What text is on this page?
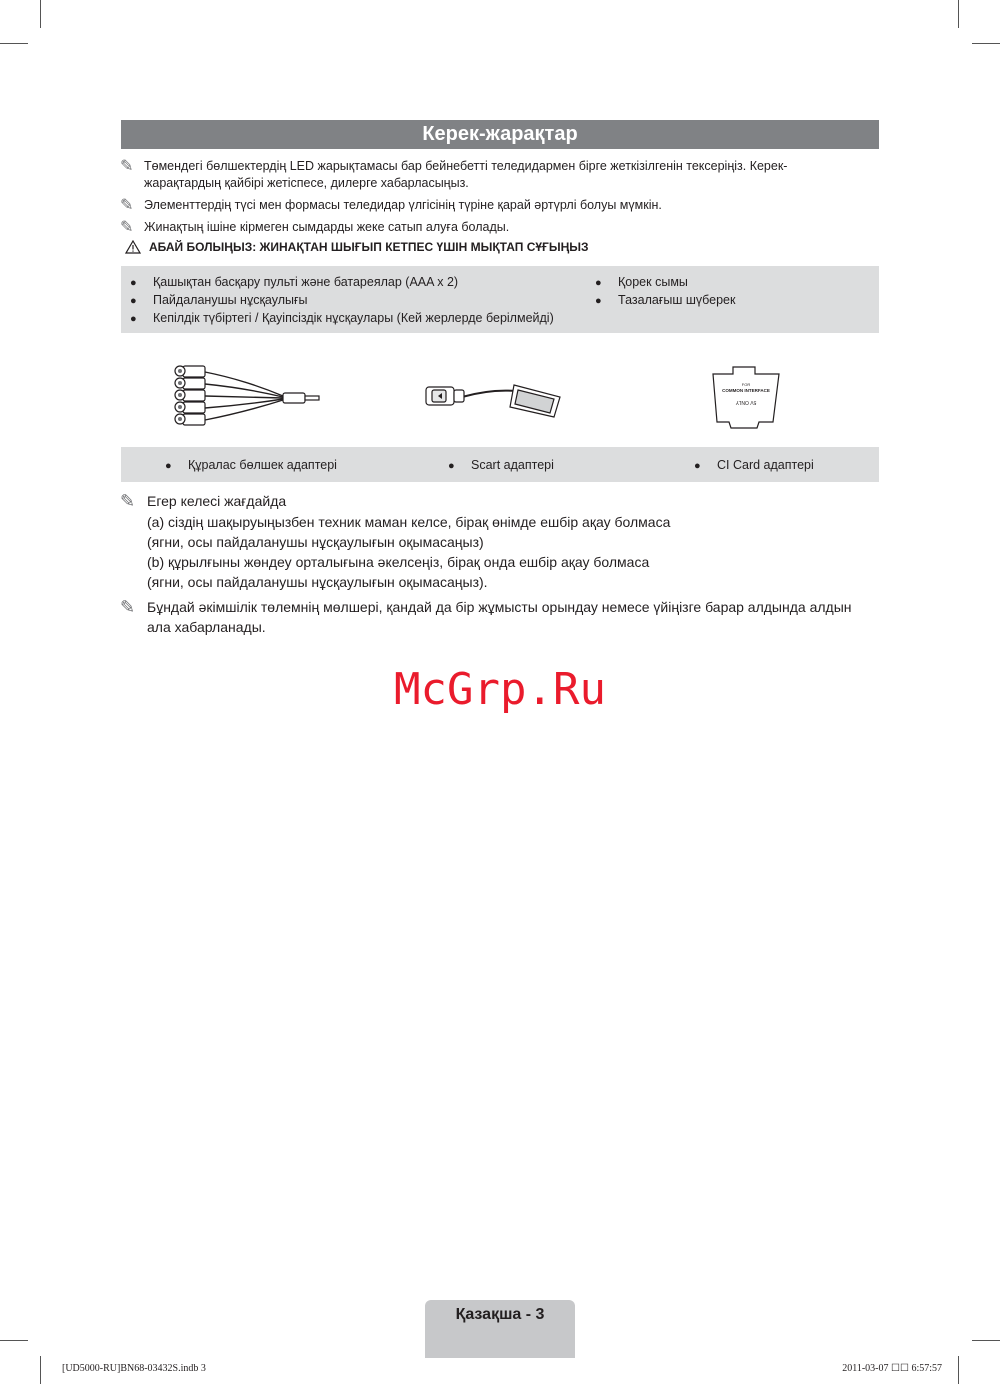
Керек-жарақтар
✎ Төмендегі бөлшектердің LED жарықтамасы бар бейнебетті теледидармен бірге жеткізілгенін тексеріңіз. Керек-
жарақтардың қайбірі жетіспесе, дилерге хабарласыңыз.
✎ Элементтердің түсі мен формасы теледидар үлгісінің түріне қарай әртүрлі болуы мүмкін.
✎ Жинақтың ішіне кірмеген сымдарды жеке сатып алуға болады.
АБАЙ БОЛЫҢЫЗ: ЖИНАҚТАН ШЫҒЫП КЕТПЕС ҮШІН МЫҚТАП СҰҒЫҢЫЗ
● Қашықтан басқару пульті және батареялар (AAA x 2)
● Пайдаланушы нұсқаулығы
● Кепілдік түбіртегі / Қауіпсіздік нұсқаулары (Кей жерлерде берілмейді)
● Қорек сымы
● Тазалағыш шүберек
FOR
COMMON INTERFACE
5V ONLY
● Құралас бөлшек адаптері	● Scart адаптері	● CI Card адаптері
✎ Егер келесі жағдайда
(a) сіздің шақыруыңызбен техник маман келсе, бірақ өнімде ешбір ақау болмаса
(ягни, осы пайдаланушы нұсқаулығын оқымасаңыз)
(b) құрылғыны жөндеу орталығына әкелсеңіз, бірақ онда ешбір ақау болмаса
(ягни, осы пайдаланушы нұсқаулығын оқымасаңыз).
✎ Бұндай әкімшілік төлемнің мөлшері, қандай да бір жұмысты орындау немесе үйіңізге барар алдында алдын
ала хабарланады.
McGrp.Ru
Қазақша - 3
[UD5000-RU]BN68-03432S.indb 3	2011-03-07 ☐☐ 6:57:57
